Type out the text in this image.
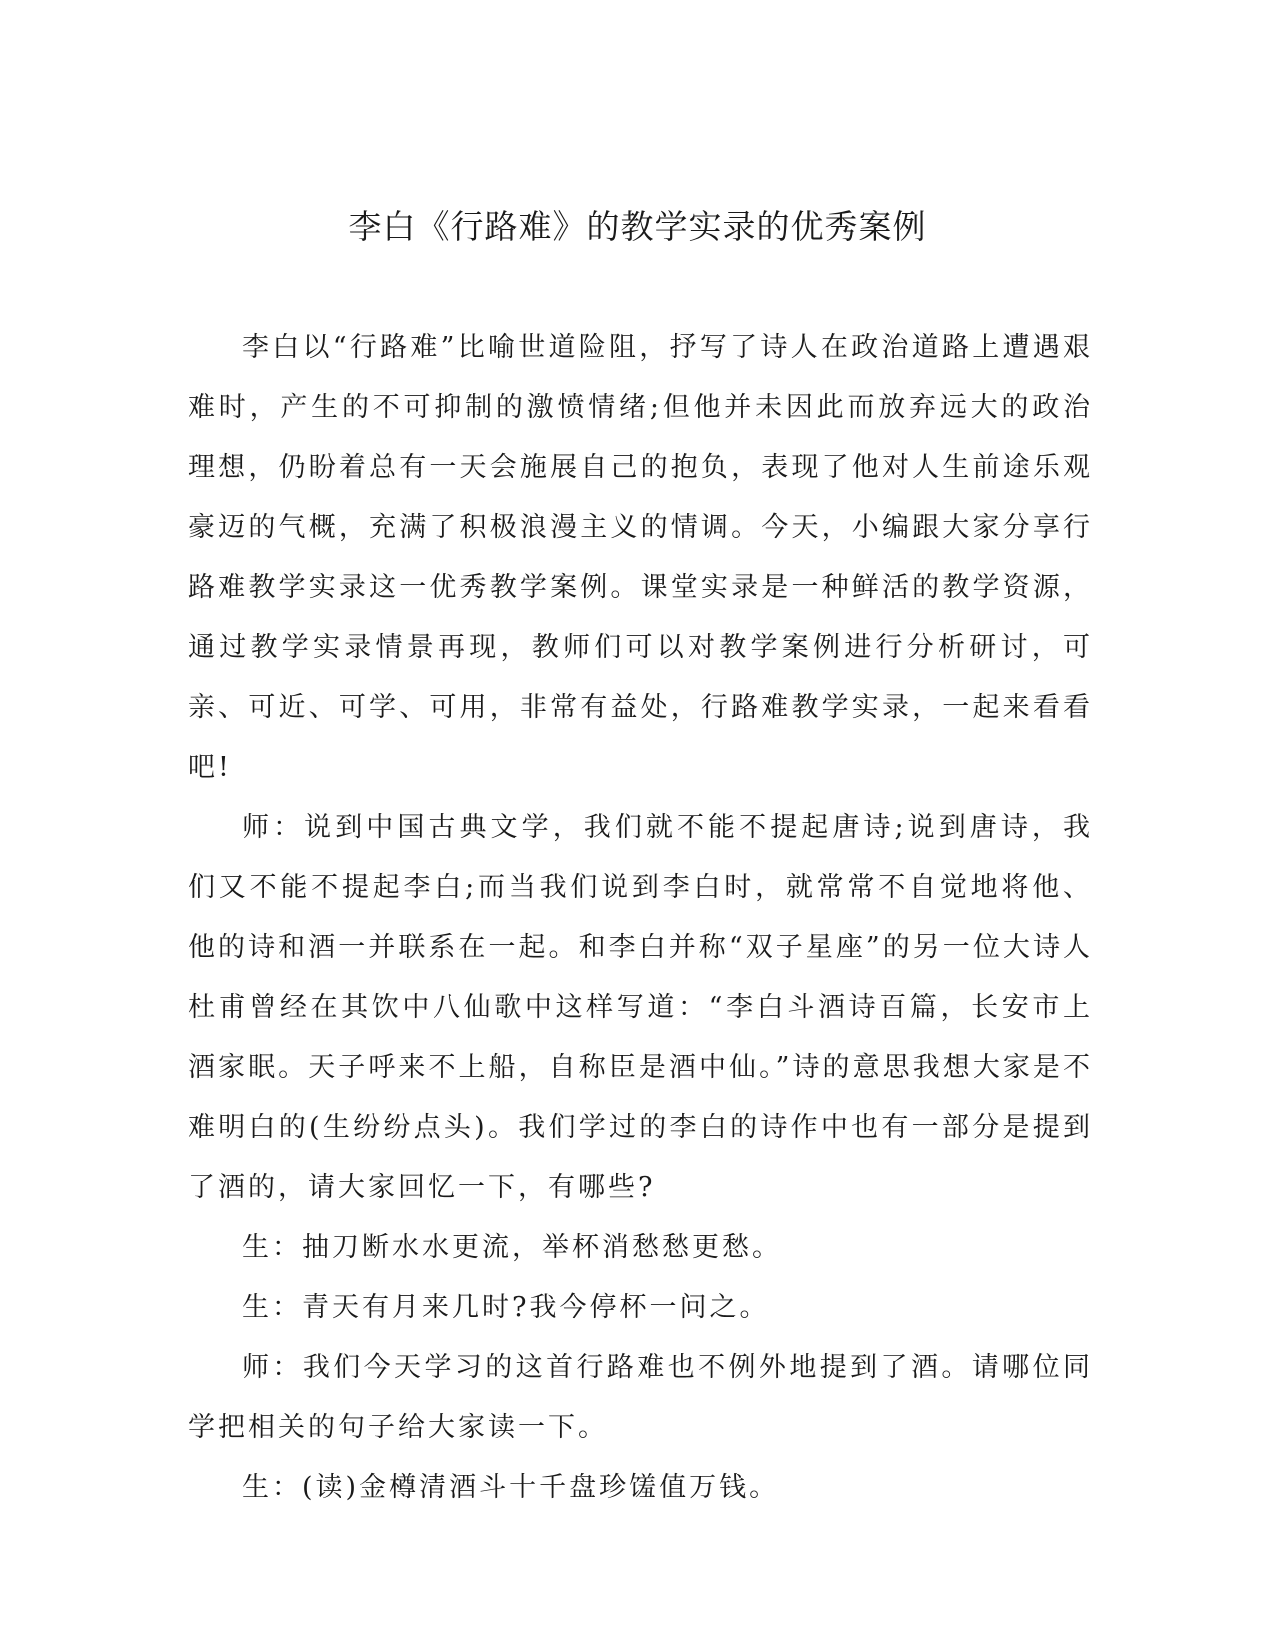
李白《行路难》的教学实录的优秀案例

李白以“行路难”比喻世道险阻，抒写了诗人在政治道路上遭遇艰难时，产生的不可抑制的激愤情绪;但他并未因此而放弃远大的政治理想，仍盼着总有一天会施展自己的抱负，表现了他对人生前途乐观豪迈的气概，充满了积极浪漫主义的情调。今天，小编跟大家分享行路难教学实录这一优秀教学案例。课堂实录是一种鲜活的教学资源，通过教学实录情景再现，教师们可以对教学案例进行分析研讨，可亲、可近、可学、可用，非常有益处，行路难教学实录，一起来看看吧!

师：说到中国古典文学，我们就不能不提起唐诗;说到唐诗，我们又不能不提起李白;而当我们说到李白时，就常常不自觉地将他、他的诗和酒一并联系在一起。和李白并称“双子星座”的另一位大诗人杜甫曾经在其饮中八仙歌中这样写道：“李白斗酒诗百篇，长安市上酒家眠。天子呼来不上船，自称臣是酒中仙。”诗的意思我想大家是不难明白的(生纷纷点头)。我们学过的李白的诗作中也有一部分是提到了酒的，请大家回忆一下，有哪些?

生：抽刀断水水更流，举杯消愁愁更愁。

生：青天有月来几时?我今停杯一问之。

师：我们今天学习的这首行路难也不例外地提到了酒。请哪位同学把相关的句子给大家读一下。

生：(读)金樽清酒斗十千盘珍馐值万钱。
